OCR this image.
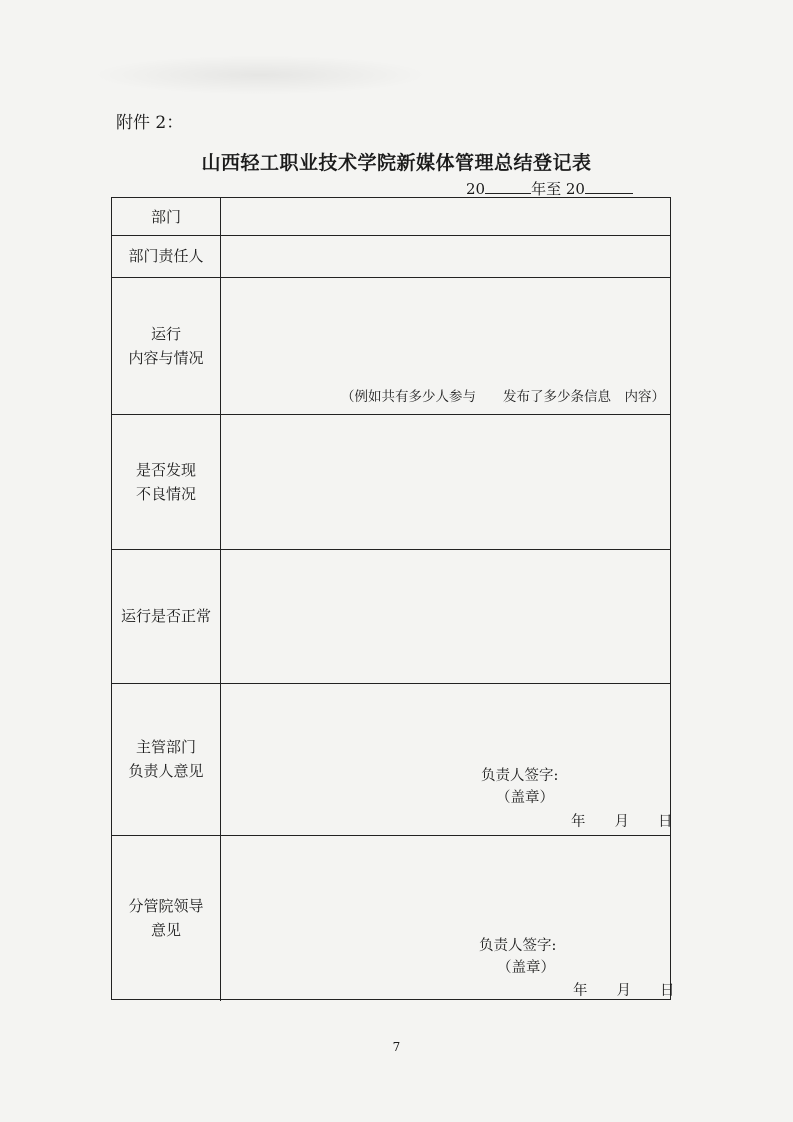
附件 2：
山西轻工职业技术学院新媒体管理总结登记表
20	年至 20
部门
部门责任人
运行
内容与情况
是否发现
不良情况
运行是否正常
主管部门
负责人意见
分管院领导
意见
（例如共有多少人参与　　发布了多少条信息　内容）
负责人签字:
（盖章）
年　　月　　日
负责人签字:
（盖章）
年　　月　　日
7
